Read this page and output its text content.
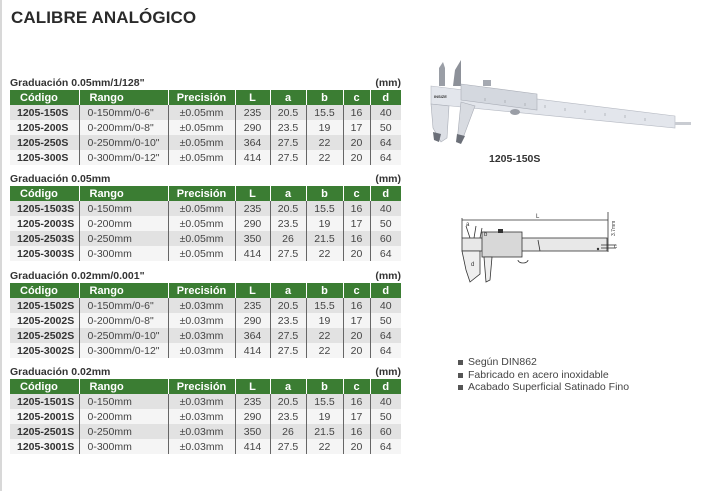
CALIBRE ANALÓGICO
Graduación 0.05mm/1/128"	(mm)
Código	Rango	Precisión	L	a	b	c	d
1205-150S	0-150mm/0-6"	±0.05mm	235	20.5	15.5	16	40
1205-200S	0-200mm/0-8"	±0.05mm	290	23.5	19	17	50
1205-250S	0-250mm/0-10"	±0.05mm	364	27.5	22	20	64
1205-300S	0-300mm/0-12"	±0.05mm	414	27.5	22	20	64
Graduación 0.05mm	(mm)
Código	Rango	Precisión	L	a	b	c	d
1205-1503S	0-150mm	±0.05mm	235	20.5	15.5	16	40
1205-2003S	0-200mm	±0.05mm	290	23.5	19	17	50
1205-2503S	0-250mm	±0.05mm	350	26	21.5	16	60
1205-3003S	0-300mm	±0.05mm	414	27.5	22	20	64
Graduación 0.02mm/0.001"	(mm)
Código	Rango	Precisión	L	a	b	c	d
1205-1502S	0-150mm/0-6"	±0.03mm	235	20.5	15.5	16	40
1205-2002S	0-200mm/0-8"	±0.03mm	290	23.5	19	17	50
1205-2502S	0-250mm/0-10"	±0.03mm	364	27.5	22	20	64
1205-3002S	0-300mm/0-12"	±0.03mm	414	27.5	22	20	64
Graduación 0.02mm	(mm)
Código	Rango	Precisión	L	a	b	c	d
1205-1501S	0-150mm	±0.03mm	235	20.5	15.5	16	40
1205-2001S	0-200mm	±0.03mm	290	23.5	19	17	50
1205-2501S	0-250mm	±0.03mm	350	26	21.5	16	60
1205-3001S	0-300mm	±0.03mm	414	27.5	22	20	64
INSIZE
1205-150S
L
a
b
c
d
3.7mm
Según DIN862
Fabricado en acero inoxidable
Acabado Superficial Satinado Fino
